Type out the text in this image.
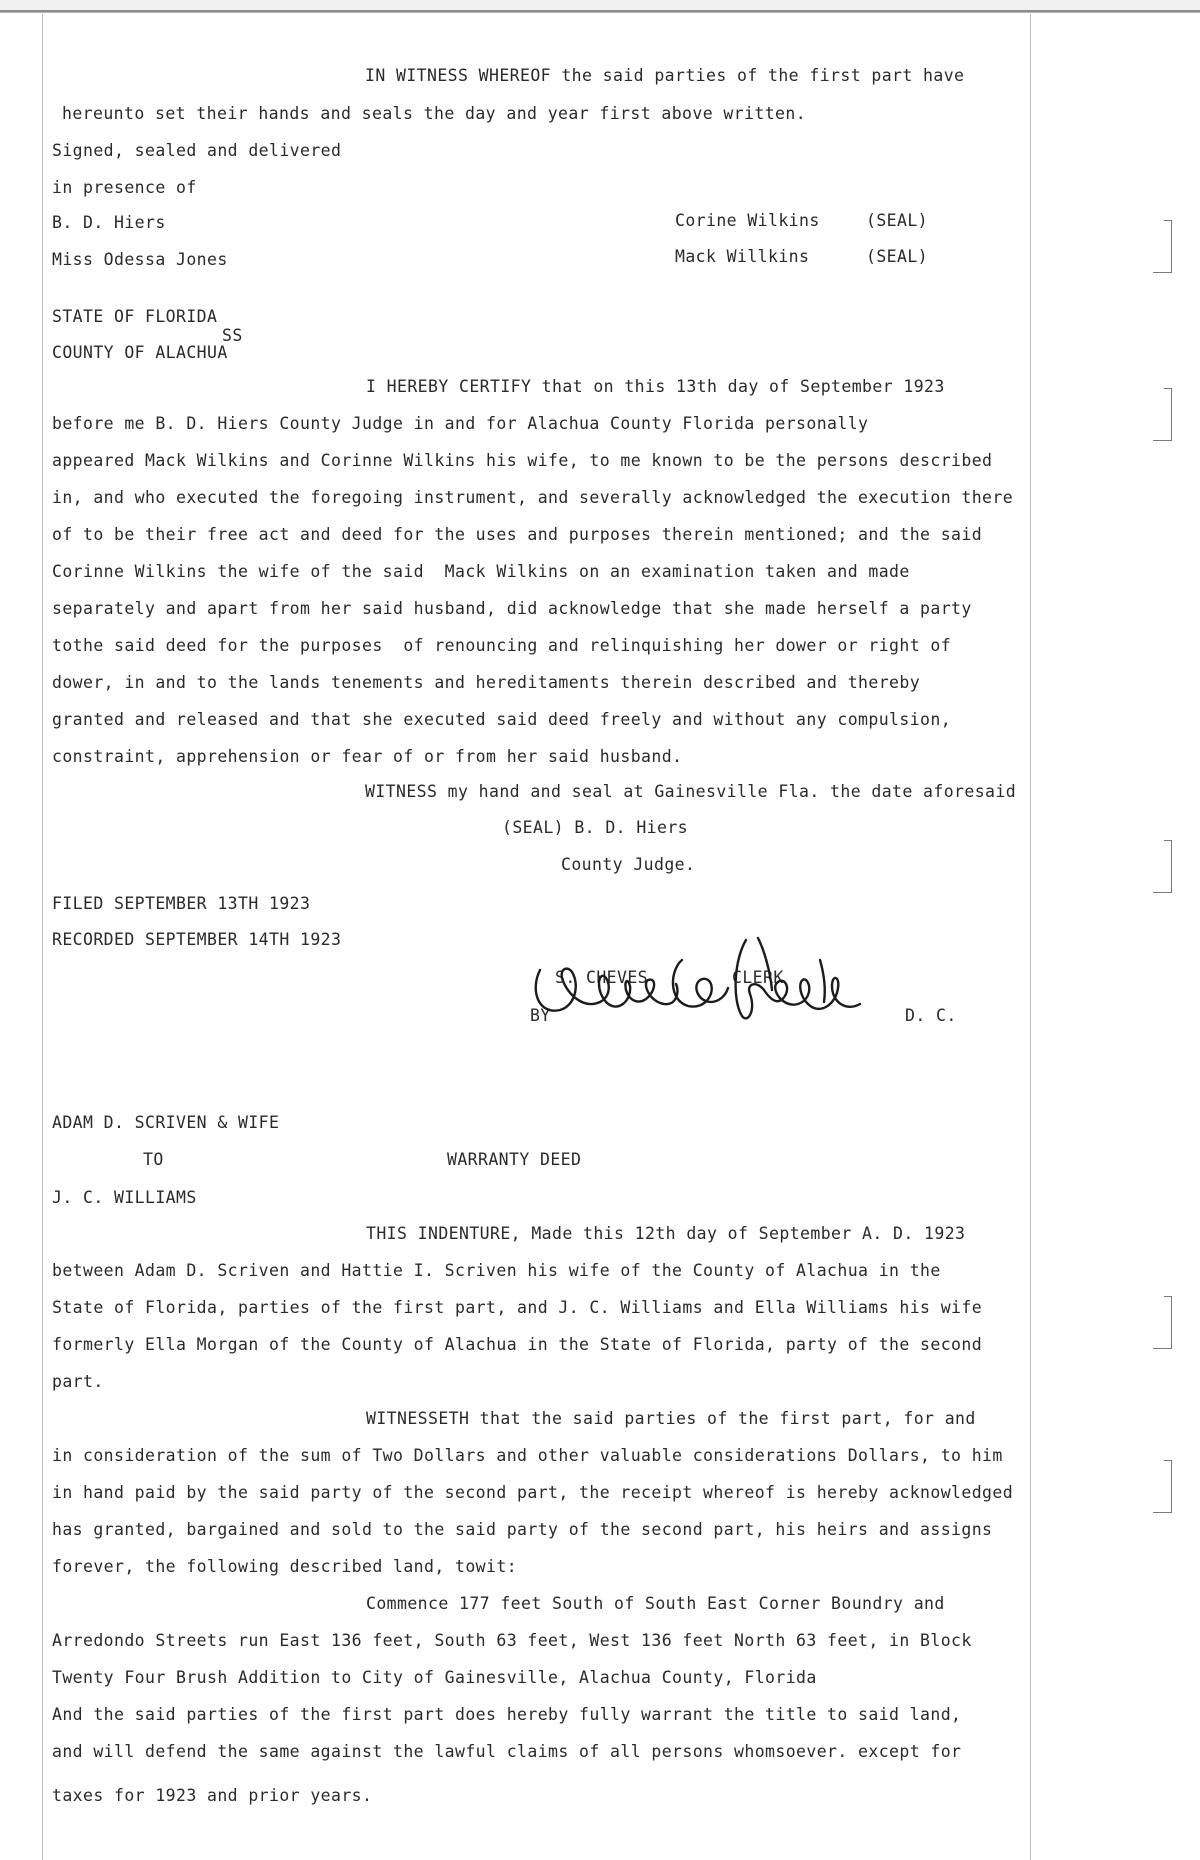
IN WITNESS WHEREOF the said parties of the first part have
hereunto set their hands and seals the day and year first above written.
Signed, sealed and delivered
in presence of
B. D. Hiers	Corine Wilkins	(SEAL)
Miss Odessa Jones	Mack Willkins	(SEAL)
STATE OF FLORIDA
SS
COUNTY OF ALACHUA
I HEREBY CERTIFY that on this 13th day of September 1923
before me B. D. Hiers County Judge in and for Alachua County Florida personally
appeared Mack Wilkins and Corinne Wilkins his wife, to me known to be the persons described
in, and who executed the foregoing instrument, and severally acknowledged the execution there
of to be their free act and deed for the uses and purposes therein mentioned; and the said
Corinne Wilkins the wife of the said  Mack Wilkins on an examination taken and made
separately and apart from her said husband, did acknowledge that she made herself a party
tothe said deed for the purposes  of renouncing and relinquishing her dower or right of
dower, in and to the lands tenements and hereditaments therein described and thereby
granted and released and that she executed said deed freely and without any compulsion,
constraint, apprehension or fear of or from her said husband.
WITNESS my hand and seal at Gainesville Fla. the date aforesaid
(SEAL) B. D. Hiers
County Judge.
FILED SEPTEMBER 13TH 1923
RECORDED SEPTEMBER 14TH 1923
S. CHEVES	CLERK
BY	D. C.
ADAM D. SCRIVEN & WIFE
TO	WARRANTY DEED
J. C. WILLIAMS
THIS INDENTURE, Made this 12th day of September A. D. 1923
between Adam D. Scriven and Hattie I. Scriven his wife of the County of Alachua in the
State of Florida, parties of the first part, and J. C. Williams and Ella Williams his wife
formerly Ella Morgan of the County of Alachua in the State of Florida, party of the second
part.
WITNESSETH that the said parties of the first part, for and
in consideration of the sum of Two Dollars and other valuable considerations Dollars, to him
in hand paid by the said party of the second part, the receipt whereof is hereby acknowledged
has granted, bargained and sold to the said party of the second part, his heirs and assigns
forever, the following described land, towit:
Commence 177 feet South of South East Corner Boundry and
Arredondo Streets run East 136 feet, South 63 feet, West 136 feet North 63 feet, in Block
Twenty Four Brush Addition to City of Gainesville, Alachua County, Florida
And the said parties of the first part does hereby fully warrant the title to said land,
and will defend the same against the lawful claims of all persons whomsoever. except for
taxes for 1923 and prior years.
